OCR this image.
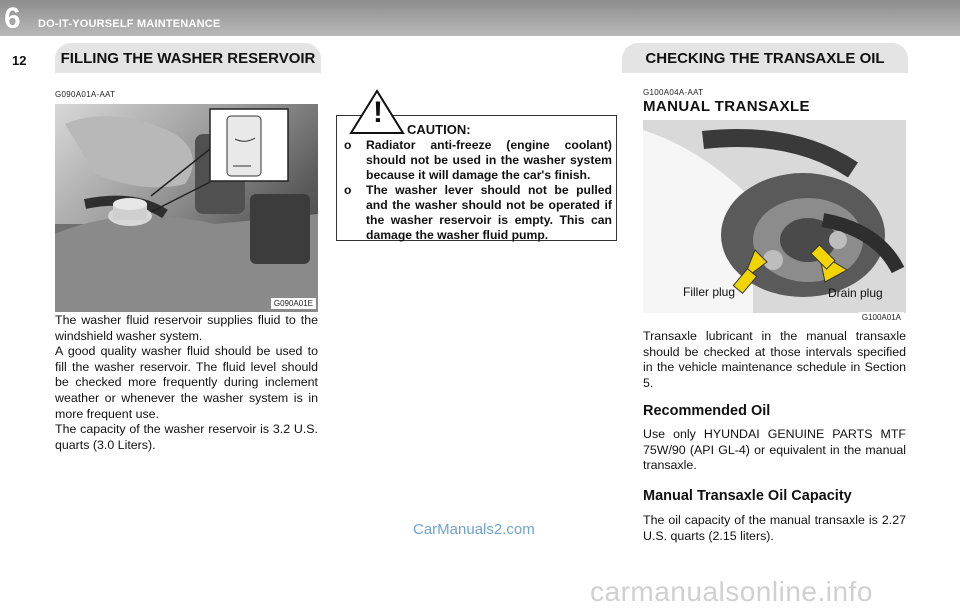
6 DO-IT-YOURSELF MAINTENANCE
12	FILLING THE WASHER RESERVOIR	CHECKING THE TRANSAXLE OIL
G090A01A-AAT
G090A01E
The washer fluid reservoir supplies fluid to the windshield washer system.
A good quality washer fluid should be used to fill the washer reservoir. The fluid level should be checked more frequently during inclement weather or whenever the washer system is in more frequent use.
The capacity of the washer reservoir is 3.2 U.S. quarts (3.0 Liters).
!
CAUTION:
o	Radiator anti-freeze (engine coolant) should not be used in the washer system because it will damage the car's finish.
o	The washer lever should not be pulled and the washer should not be operated if the washer reservoir is empty. This can damage the washer fluid pump.
G100A04A-AAT
MANUAL TRANSAXLE
Filler plug	Drain plug
G100A01A
Transaxle lubricant in the manual transaxle should be checked at those intervals specified in the vehicle maintenance schedule in Section 5.
Recommended Oil
Use only HYUNDAI GENUINE PARTS MTF 75W/90 (API GL-4) or equivalent in the manual transaxle.
Manual Transaxle Oil Capacity
The oil capacity of the manual transaxle is 2.27 U.S. quarts (2.15 liters).
CarManuals2.com
carmanualsonline.info
